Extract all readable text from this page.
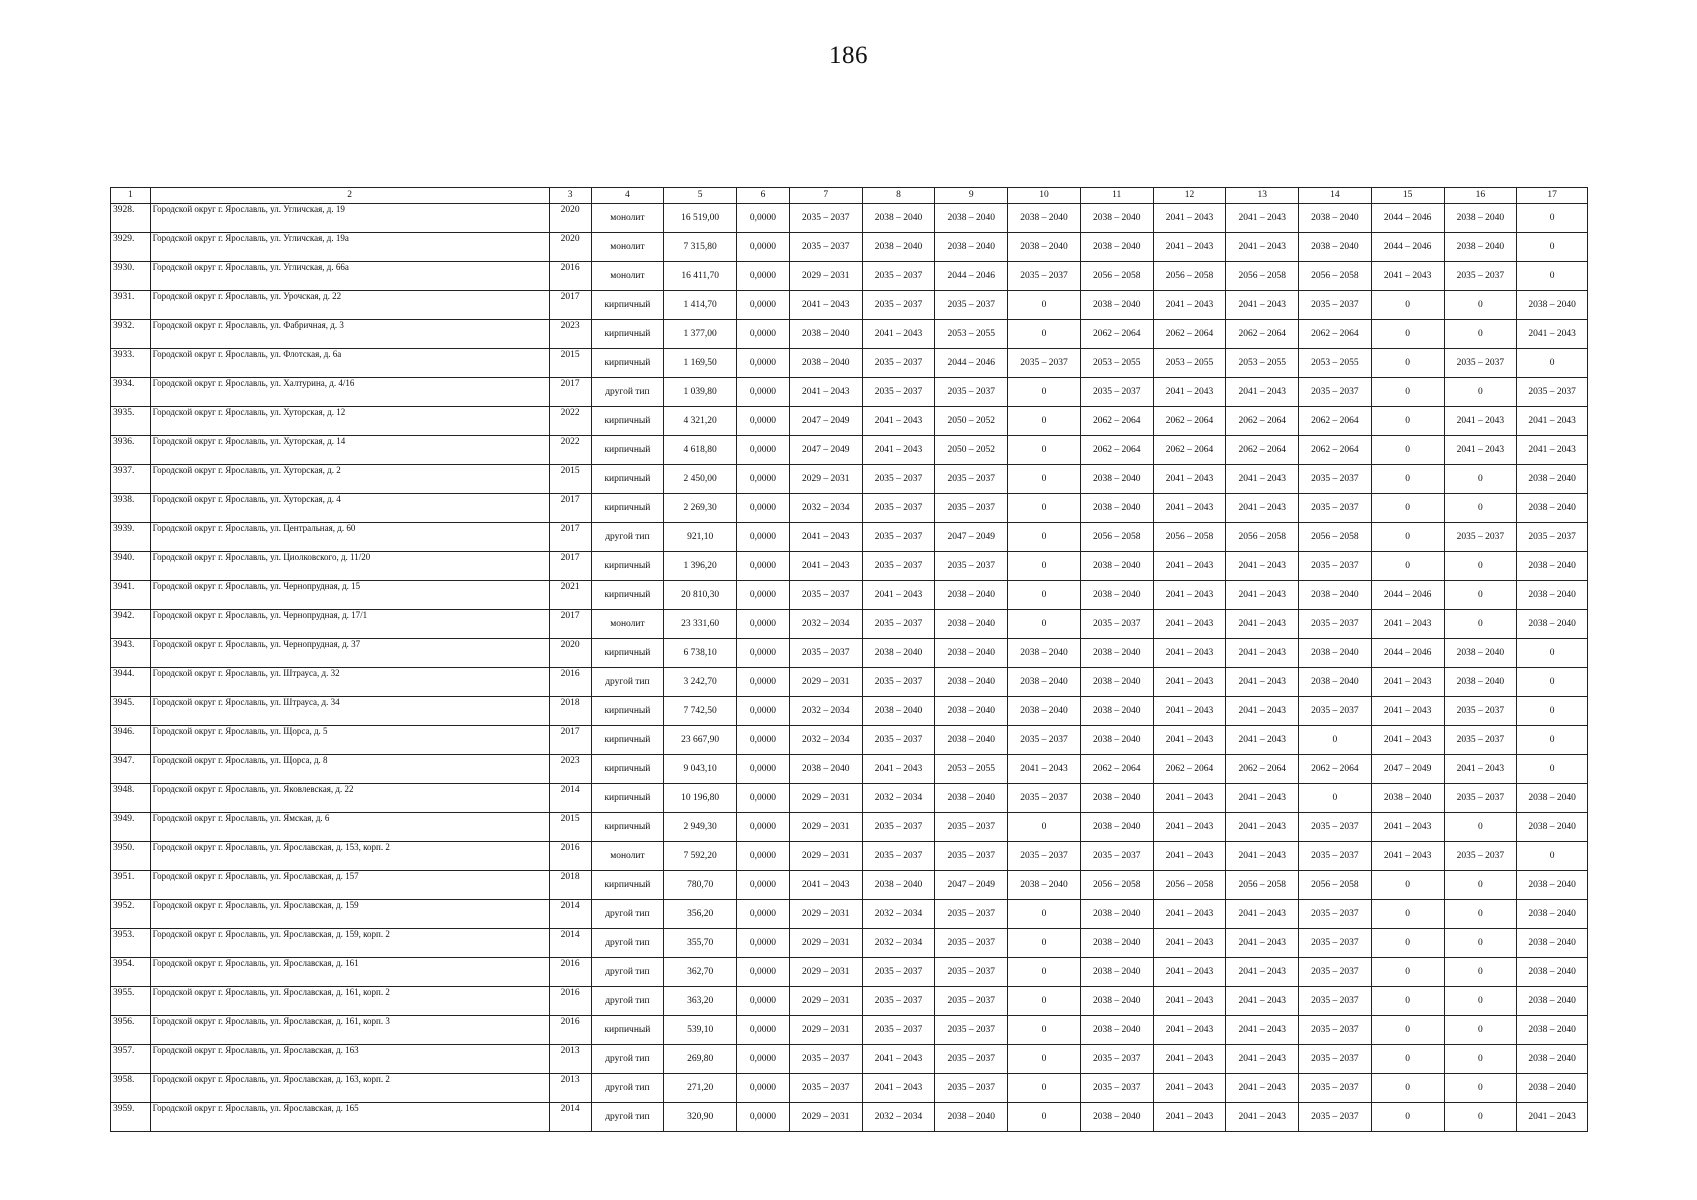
186
1	2	3	4	5	6	7	8	9	10	11	12	13	14	15	16	17
3928.	Городской округ г. Ярославль, ул. Угличская, д. 19	2020	монолит	16 519,00	0,0000	2035 – 2037	2038 – 2040	2038 – 2040	2038 – 2040	2038 – 2040	2041 – 2043	2041 – 2043	2038 – 2040	2044 – 2046	2038 – 2040	0
3929.	Городской округ г. Ярославль, ул. Угличская, д. 19а	2020	монолит	7 315,80	0,0000	2035 – 2037	2038 – 2040	2038 – 2040	2038 – 2040	2038 – 2040	2041 – 2043	2041 – 2043	2038 – 2040	2044 – 2046	2038 – 2040	0
3930.	Городской округ г. Ярославль, ул. Угличская, д. 66а	2016	монолит	16 411,70	0,0000	2029 – 2031	2035 – 2037	2044 – 2046	2035 – 2037	2056 – 2058	2056 – 2058	2056 – 2058	2056 – 2058	2041 – 2043	2035 – 2037	0
3931.	Городской округ г. Ярославль, ул. Урочская, д. 22	2017	кирпичный	1 414,70	0,0000	2041 – 2043	2035 – 2037	2035 – 2037	0	2038 – 2040	2041 – 2043	2041 – 2043	2035 – 2037	0	0	2038 – 2040
3932.	Городской округ г. Ярославль, ул. Фабричная, д. 3	2023	кирпичный	1 377,00	0,0000	2038 – 2040	2041 – 2043	2053 – 2055	0	2062 – 2064	2062 – 2064	2062 – 2064	2062 – 2064	0	0	2041 – 2043
3933.	Городской округ г. Ярославль, ул. Флотская, д. 6а	2015	кирпичный	1 169,50	0,0000	2038 – 2040	2035 – 2037	2044 – 2046	2035 – 2037	2053 – 2055	2053 – 2055	2053 – 2055	2053 – 2055	0	2035 – 2037	0
3934.	Городской округ г. Ярославль, ул. Халтурина, д. 4/16	2017	другой тип	1 039,80	0,0000	2041 – 2043	2035 – 2037	2035 – 2037	0	2035 – 2037	2041 – 2043	2041 – 2043	2035 – 2037	0	0	2035 – 2037
3935.	Городской округ г. Ярославль, ул. Хуторская, д. 12	2022	кирпичный	4 321,20	0,0000	2047 – 2049	2041 – 2043	2050 – 2052	0	2062 – 2064	2062 – 2064	2062 – 2064	2062 – 2064	0	2041 – 2043	2041 – 2043
3936.	Городской округ г. Ярославль, ул. Хуторская, д. 14	2022	кирпичный	4 618,80	0,0000	2047 – 2049	2041 – 2043	2050 – 2052	0	2062 – 2064	2062 – 2064	2062 – 2064	2062 – 2064	0	2041 – 2043	2041 – 2043
3937.	Городской округ г. Ярославль, ул. Хуторская, д. 2	2015	кирпичный	2 450,00	0,0000	2029 – 2031	2035 – 2037	2035 – 2037	0	2038 – 2040	2041 – 2043	2041 – 2043	2035 – 2037	0	0	2038 – 2040
3938.	Городской округ г. Ярославль, ул. Хуторская, д. 4	2017	кирпичный	2 269,30	0,0000	2032 – 2034	2035 – 2037	2035 – 2037	0	2038 – 2040	2041 – 2043	2041 – 2043	2035 – 2037	0	0	2038 – 2040
3939.	Городской округ г. Ярославль, ул. Центральная, д. 60	2017	другой тип	921,10	0,0000	2041 – 2043	2035 – 2037	2047 – 2049	0	2056 – 2058	2056 – 2058	2056 – 2058	2056 – 2058	0	2035 – 2037	2035 – 2037
3940.	Городской округ г. Ярославль, ул. Циолковского, д. 11/20	2017	кирпичный	1 396,20	0,0000	2041 – 2043	2035 – 2037	2035 – 2037	0	2038 – 2040	2041 – 2043	2041 – 2043	2035 – 2037	0	0	2038 – 2040
3941.	Городской округ г. Ярославль, ул. Чернопрудная, д. 15	2021	кирпичный	20 810,30	0,0000	2035 – 2037	2041 – 2043	2038 – 2040	0	2038 – 2040	2041 – 2043	2041 – 2043	2038 – 2040	2044 – 2046	0	2038 – 2040
3942.	Городской округ г. Ярославль, ул. Чернопрудная, д. 17/1	2017	монолит	23 331,60	0,0000	2032 – 2034	2035 – 2037	2038 – 2040	0	2035 – 2037	2041 – 2043	2041 – 2043	2035 – 2037	2041 – 2043	0	2038 – 2040
3943.	Городской округ г. Ярославль, ул. Чернопрудная, д. 37	2020	кирпичный	6 738,10	0,0000	2035 – 2037	2038 – 2040	2038 – 2040	2038 – 2040	2038 – 2040	2041 – 2043	2041 – 2043	2038 – 2040	2044 – 2046	2038 – 2040	0
3944.	Городской округ г. Ярославль, ул. Штрауса, д. 32	2016	другой тип	3 242,70	0,0000	2029 – 2031	2035 – 2037	2038 – 2040	2038 – 2040	2038 – 2040	2041 – 2043	2041 – 2043	2038 – 2040	2041 – 2043	2038 – 2040	0
3945.	Городской округ г. Ярославль, ул. Штрауса, д. 34	2018	кирпичный	7 742,50	0,0000	2032 – 2034	2038 – 2040	2038 – 2040	2038 – 2040	2038 – 2040	2041 – 2043	2041 – 2043	2035 – 2037	2041 – 2043	2035 – 2037	0
3946.	Городской округ г. Ярославль, ул. Щорса, д. 5	2017	кирпичный	23 667,90	0,0000	2032 – 2034	2035 – 2037	2038 – 2040	2035 – 2037	2038 – 2040	2041 – 2043	2041 – 2043	0	2041 – 2043	2035 – 2037	0
3947.	Городской округ г. Ярославль, ул. Щорса, д. 8	2023	кирпичный	9 043,10	0,0000	2038 – 2040	2041 – 2043	2053 – 2055	2041 – 2043	2062 – 2064	2062 – 2064	2062 – 2064	2062 – 2064	2047 – 2049	2041 – 2043	0
3948.	Городской округ г. Ярославль, ул. Яковлевская, д. 22	2014	кирпичный	10 196,80	0,0000	2029 – 2031	2032 – 2034	2038 – 2040	2035 – 2037	2038 – 2040	2041 – 2043	2041 – 2043	0	2038 – 2040	2035 – 2037	2038 – 2040
3949.	Городской округ г. Ярославль, ул. Ямская, д. 6	2015	кирпичный	2 949,30	0,0000	2029 – 2031	2035 – 2037	2035 – 2037	0	2038 – 2040	2041 – 2043	2041 – 2043	2035 – 2037	2041 – 2043	0	2038 – 2040
3950.	Городской округ г. Ярославль, ул. Ярославская, д. 153, корп. 2	2016	монолит	7 592,20	0,0000	2029 – 2031	2035 – 2037	2035 – 2037	2035 – 2037	2035 – 2037	2041 – 2043	2041 – 2043	2035 – 2037	2041 – 2043	2035 – 2037	0
3951.	Городской округ г. Ярославль, ул. Ярославская, д. 157	2018	кирпичный	780,70	0,0000	2041 – 2043	2038 – 2040	2047 – 2049	2038 – 2040	2056 – 2058	2056 – 2058	2056 – 2058	2056 – 2058	0	0	2038 – 2040
3952.	Городской округ г. Ярославль, ул. Ярославская, д. 159	2014	другой тип	356,20	0,0000	2029 – 2031	2032 – 2034	2035 – 2037	0	2038 – 2040	2041 – 2043	2041 – 2043	2035 – 2037	0	0	2038 – 2040
3953.	Городской округ г. Ярославль, ул. Ярославская, д. 159, корп. 2	2014	другой тип	355,70	0,0000	2029 – 2031	2032 – 2034	2035 – 2037	0	2038 – 2040	2041 – 2043	2041 – 2043	2035 – 2037	0	0	2038 – 2040
3954.	Городской округ г. Ярославль, ул. Ярославская, д. 161	2016	другой тип	362,70	0,0000	2029 – 2031	2035 – 2037	2035 – 2037	0	2038 – 2040	2041 – 2043	2041 – 2043	2035 – 2037	0	0	2038 – 2040
3955.	Городской округ г. Ярославль, ул. Ярославская, д. 161, корп. 2	2016	другой тип	363,20	0,0000	2029 – 2031	2035 – 2037	2035 – 2037	0	2038 – 2040	2041 – 2043	2041 – 2043	2035 – 2037	0	0	2038 – 2040
3956.	Городской округ г. Ярославль, ул. Ярославская, д. 161, корп. 3	2016	кирпичный	539,10	0,0000	2029 – 2031	2035 – 2037	2035 – 2037	0	2038 – 2040	2041 – 2043	2041 – 2043	2035 – 2037	0	0	2038 – 2040
3957.	Городской округ г. Ярославль, ул. Ярославская, д. 163	2013	другой тип	269,80	0,0000	2035 – 2037	2041 – 2043	2035 – 2037	0	2035 – 2037	2041 – 2043	2041 – 2043	2035 – 2037	0	0	2038 – 2040
3958.	Городской округ г. Ярославль, ул. Ярославская, д. 163, корп. 2	2013	другой тип	271,20	0,0000	2035 – 2037	2041 – 2043	2035 – 2037	0	2035 – 2037	2041 – 2043	2041 – 2043	2035 – 2037	0	0	2038 – 2040
3959.	Городской округ г. Ярославль, ул. Ярославская, д. 165	2014	другой тип	320,90	0,0000	2029 – 2031	2032 – 2034	2038 – 2040	0	2038 – 2040	2041 – 2043	2041 – 2043	2035 – 2037	0	0	2041 – 2043
